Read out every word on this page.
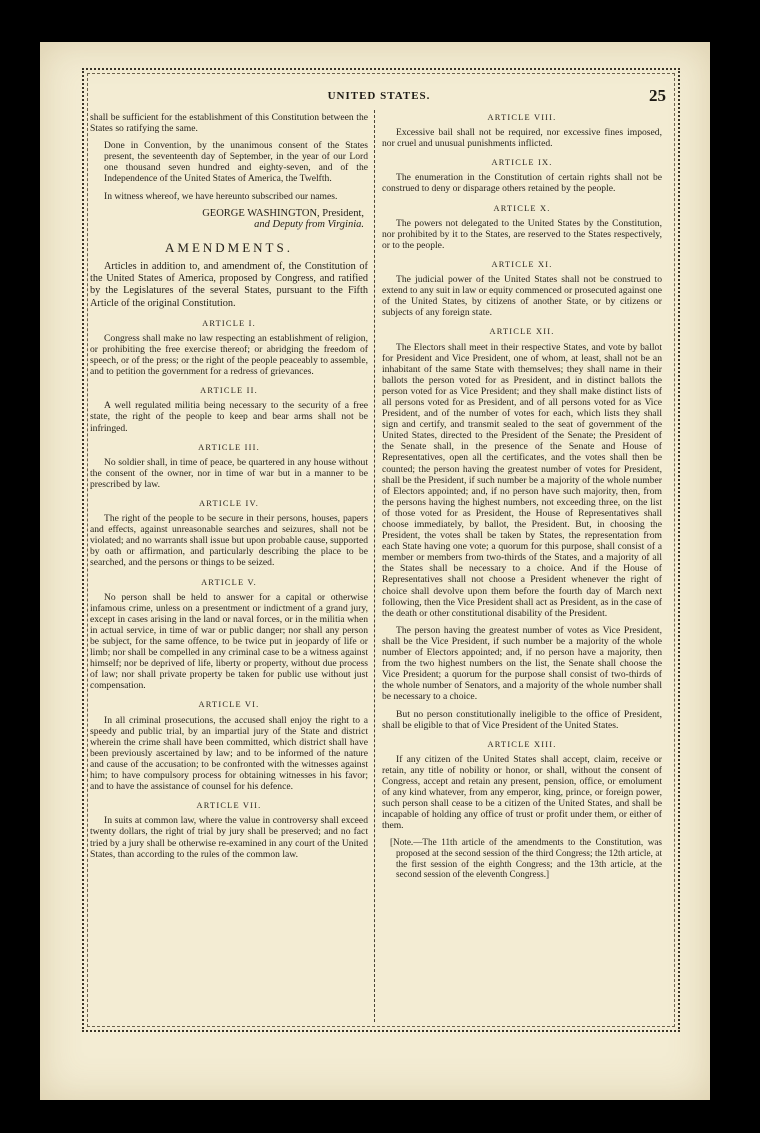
UNITED STATES.	25

shall be sufficient for the establishment of this Constitution between the States so ratifying the same.

Done in Convention, by the unanimous consent of the States present, the seventeenth day of September, in the year of our Lord one thousand seven hundred and eighty-seven, and of the Independence of the United States of America, the Twelfth.

In witness whereof, we have hereunto subscribed our names.

GEORGE WASHINGTON, President,
and Deputy from Virginia.
AMENDMENTS.

Articles in addition to, and amendment of, the Constitution of the United States of America, proposed by Congress, and ratified by the Legislatures of the several States, pursuant to the Fifth Article of the original Constitution.

ARTICLE I.

Congress shall make no law respecting an establishment of religion, or prohibiting the free exercise thereof; or abridging the freedom of speech, or of the press; or the right of the people peaceably to assemble, and to petition the government for a redress of grievances.

ARTICLE II.

A well regulated militia being necessary to the security of a free state, the right of the people to keep and bear arms shall not be infringed.

ARTICLE III.

No soldier shall, in time of peace, be quartered in any house without the consent of the owner, nor in time of war but in a manner to be prescribed by law.

ARTICLE IV.

The right of the people to be secure in their persons, houses, papers and effects, against unreasonable searches and seizures, shall not be violated; and no warrants shall issue but upon probable cause, supported by oath or affirmation, and particularly describing the place to be searched, and the persons or things to be seized.

ARTICLE V.

No person shall be held to answer for a capital or otherwise infamous crime, unless on a presentment or indictment of a grand jury, except in cases arising in the land or naval forces, or in the militia when in actual service, in time of war or public danger; nor shall any person be subject, for the same offence, to be twice put in jeopardy of life or limb; nor shall be compelled in any criminal case to be a witness against himself; nor be deprived of life, liberty or property, without due process of law; nor shall private property be taken for public use without just compensation.

ARTICLE VI.

In all criminal prosecutions, the accused shall enjoy the right to a speedy and public trial, by an impartial jury of the State and district wherein the crime shall have been committed, which district shall have been previously ascertained by law; and to be informed of the nature and cause of the accusation; to be confronted with the witnesses against him; to have compulsory process for obtaining witnesses in his favor; and to have the assistance of counsel for his defence.

ARTICLE VII.

In suits at common law, where the value in controversy shall exceed twenty dollars, the right of trial by jury shall be preserved; and no fact tried by a jury shall be otherwise re-examined in any court of the United States, than according to the rules of the common law.

ARTICLE VIII.

Excessive bail shall not be required, nor excessive fines imposed, nor cruel and unusual punishments inflicted.

ARTICLE IX.

The enumeration in the Constitution of certain rights shall not be construed to deny or disparage others retained by the people.

ARTICLE X.

The powers not delegated to the United States by the Constitution, nor prohibited by it to the States, are reserved to the States respectively, or to the people.

ARTICLE XI.

The judicial power of the United States shall not be construed to extend to any suit in law or equity commenced or prosecuted against one of the United States, by citizens of another State, or by citizens or subjects of any foreign state.

ARTICLE XII.

The Electors shall meet in their respective States, and vote by ballot for President and Vice President, one of whom, at least, shall not be an inhabitant of the same State with themselves; they shall name in their ballots the person voted for as President, and in distinct ballots the person voted for as Vice President; and they shall make distinct lists of all persons voted for as President, and of all persons voted for as Vice President, and of the number of votes for each, which lists they shall sign and certify, and transmit sealed to the seat of government of the United States, directed to the President of the Senate; the President of the Senate shall, in the presence of the Senate and House of Representatives, open all the certificates, and the votes shall then be counted; the person having the greatest number of votes for President, shall be the President, if such number be a majority of the whole number of Electors appointed; and, if no person have such majority, then, from the persons having the highest numbers, not exceeding three, on the list of those voted for as President, the House of Representatives shall choose immediately, by ballot, the President. But, in choosing the President, the votes shall be taken by States, the representation from each State having one vote; a quorum for this purpose, shall consist of a member or members from two-thirds of the States, and a majority of all the States shall be necessary to a choice. And if the House of Representatives shall not choose a President whenever the right of choice shall devolve upon them before the fourth day of March next following, then the Vice President shall act as President, as in the case of the death or other constitutional disability of the President.

The person having the greatest number of votes as Vice President, shall be the Vice President, if such number be a majority of the whole number of Electors appointed; and, if no person have a majority, then from the two highest numbers on the list, the Senate shall choose the Vice President; a quorum for the purpose shall consist of two-thirds of the whole number of Senators, and a majority of the whole number shall be necessary to a choice.

But no person constitutionally ineligible to the office of President, shall be eligible to that of Vice President of the United States.

ARTICLE XIII.

If any citizen of the United States shall accept, claim, receive or retain, any title of nobility or honor, or shall, without the consent of Congress, accept and retain any present, pension, office, or emolument of any kind whatever, from any emperor, king, prince, or foreign power, such person shall cease to be a citizen of the United States, and shall be incapable of holding any office of trust or profit under them, or either of them.

[Note.—The 11th article of the amendments to the Constitution, was proposed at the second session of the third Congress; the 12th article, at the first session of the eighth Congress; and the 13th article, at the second session of the eleventh Congress.]
